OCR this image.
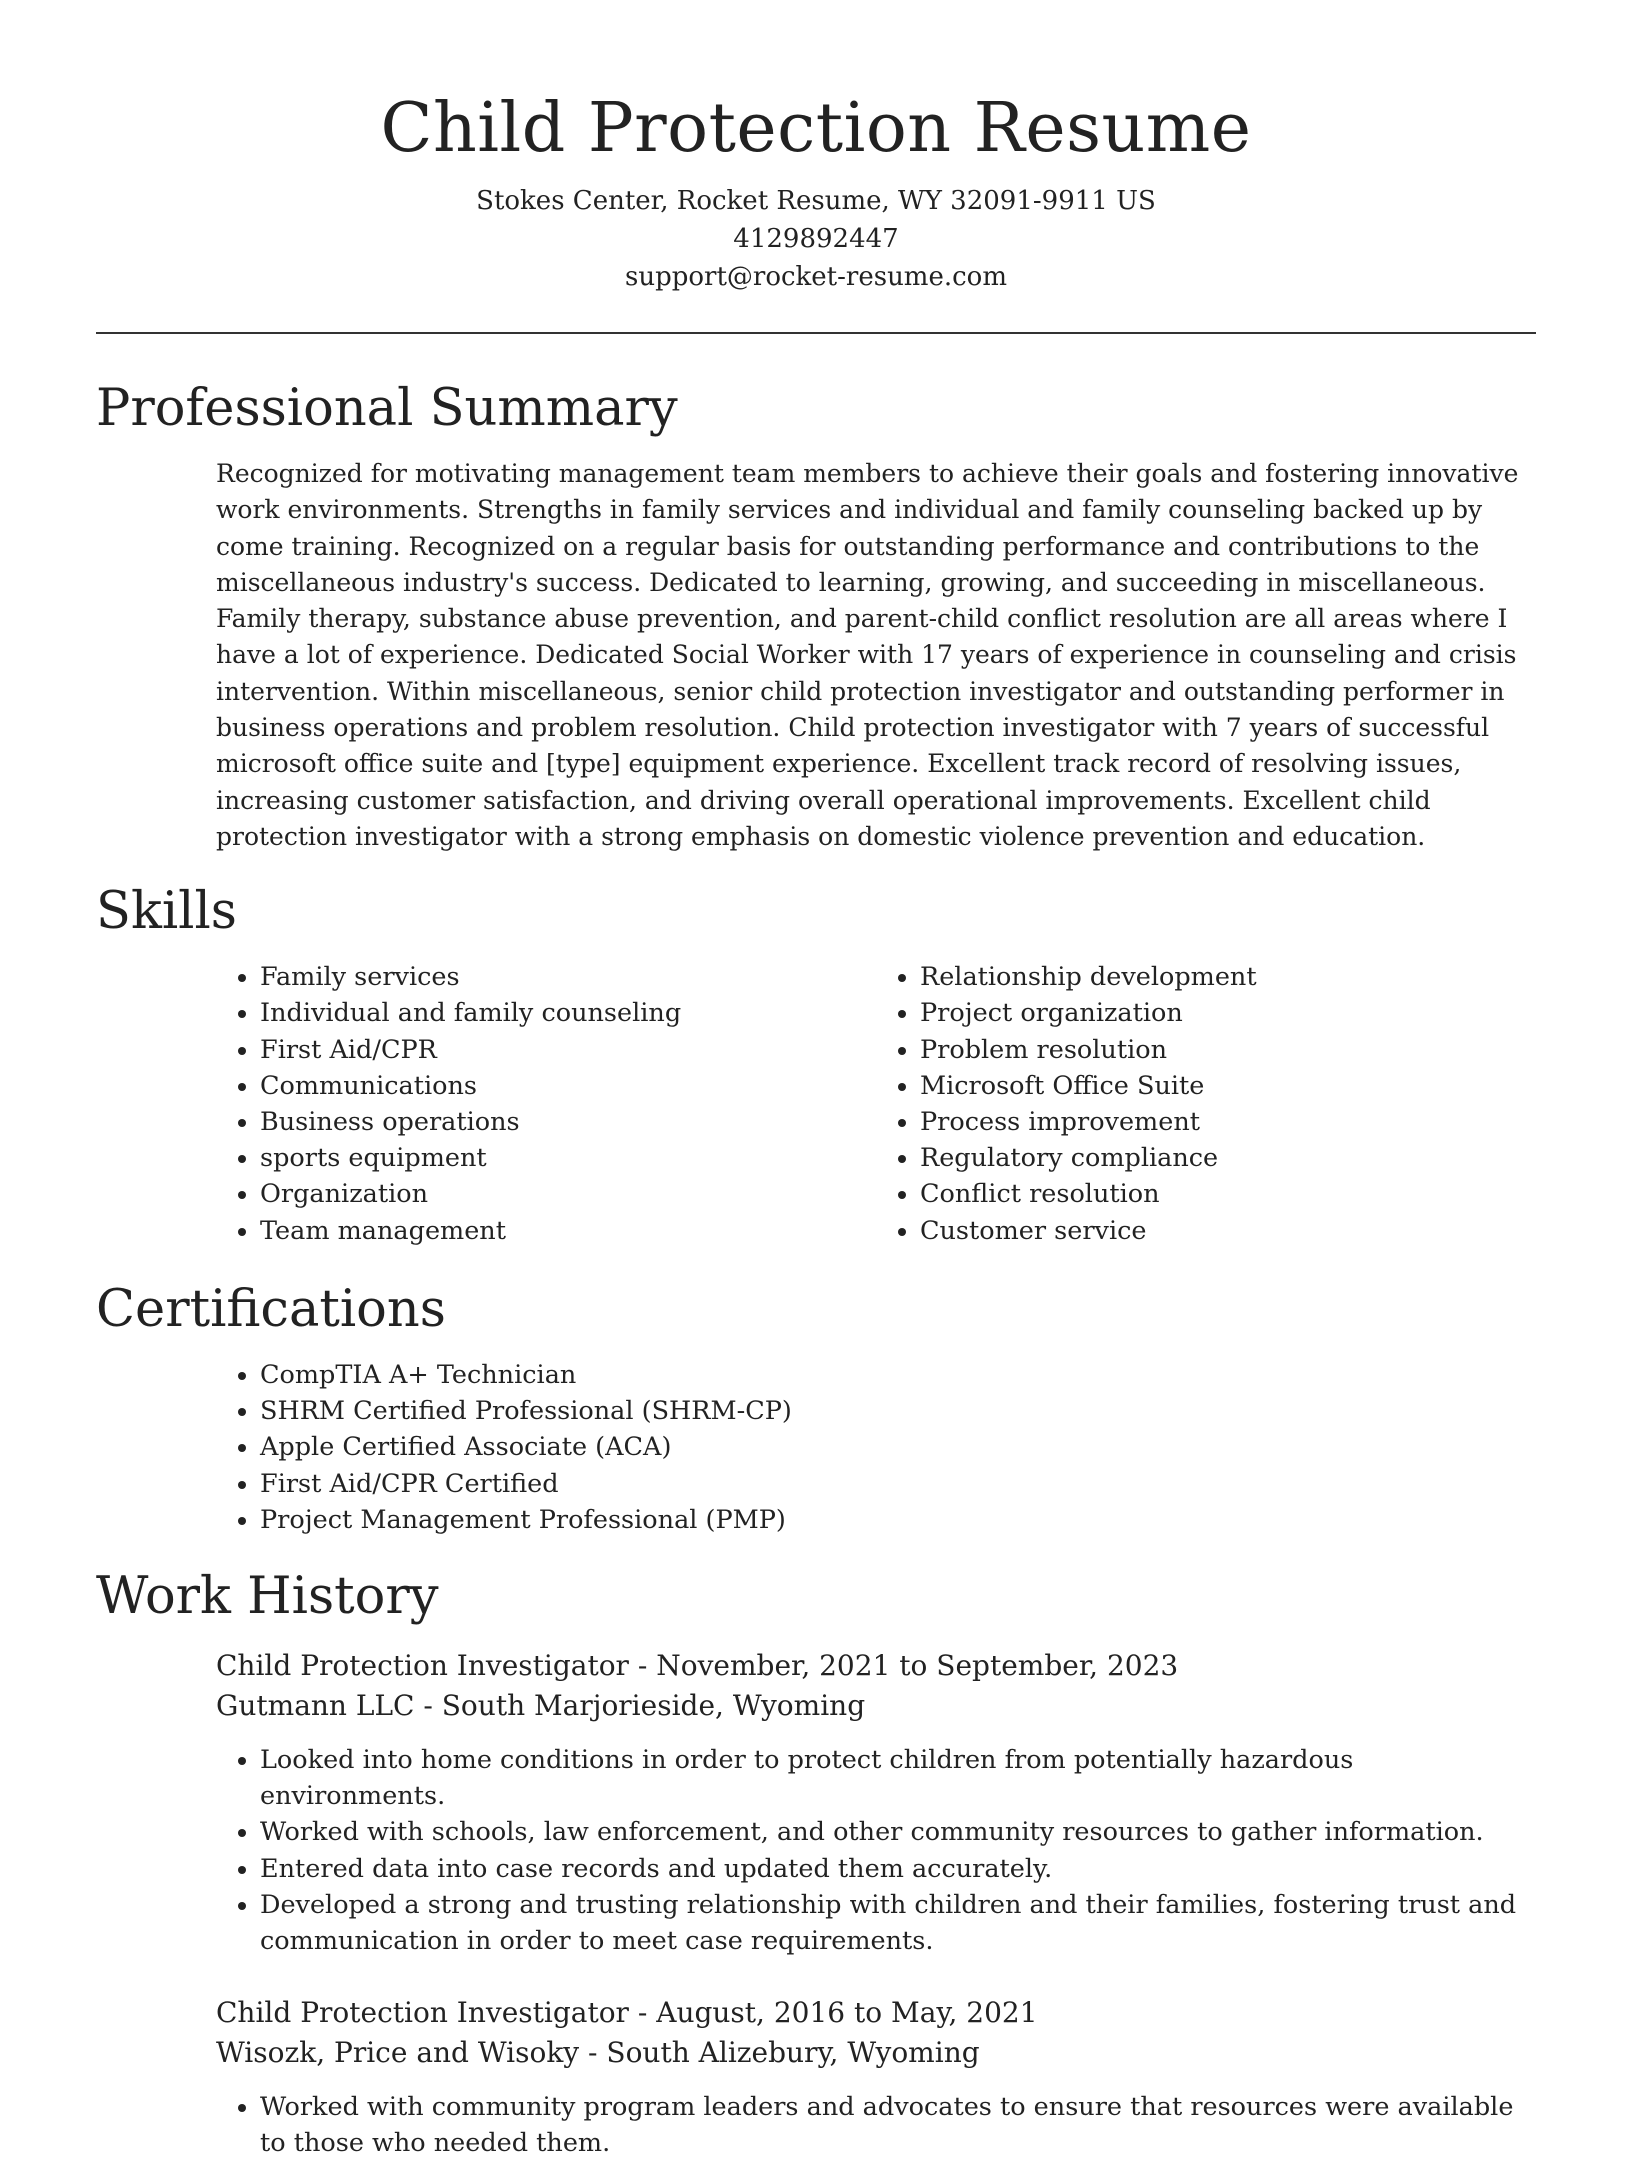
Child Protection Resume

Stokes Center, Rocket Resume, WY 32091-9911 US

4129892447

support@rocket-resume.com

Professional Summary

Recognized for motivating management team members to achieve their goals and fostering innovative work environments. Strengths in family services and individual and family counseling backed up by come training. Recognized on a regular basis for outstanding performance and contributions to the miscellaneous industry's success. Dedicated to learning, growing, and succeeding in miscellaneous. Family therapy, substance abuse prevention, and parent-child conflict resolution are all areas where I have a lot of experience. Dedicated Social Worker with 17 years of experience in counseling and crisis intervention. Within miscellaneous, senior child protection investigator and outstanding performer in business operations and problem resolution. Child protection investigator with 7 years of successful microsoft office suite and [type] equipment experience. Excellent track record of resolving issues, increasing customer satisfaction, and driving overall operational improvements. Excellent child protection investigator with a strong emphasis on domestic violence prevention and education.

Skills
• Family services
• Individual and family counseling
• First Aid/CPR
• Communications
• Business operations
• sports equipment
• Organization
• Team management
• Relationship development
• Project organization
• Problem resolution
• Microsoft Office Suite
• Process improvement
• Regulatory compliance
• Conflict resolution
• Customer service
Certifications
• CompTIA A+ Technician
• SHRM Certified Professional (SHRM-CP)
• Apple Certified Associate (ACA)
• First Aid/CPR Certified
• Project Management Professional (PMP)
Work History

Child Protection Investigator - November, 2021 to September, 2023

Gutmann LLC - South Marjorieside, Wyoming

• Looked into home conditions in order to protect children from potentially hazardous environments.
• Worked with schools, law enforcement, and other community resources to gather information.
• Entered data into case records and updated them accurately.
• Developed a strong and trusting relationship with children and their families, fostering trust and communication in order to meet case requirements.

Child Protection Investigator - August, 2016 to May, 2021

Wisozk, Price and Wisoky - South Alizebury, Wyoming

• Worked with community program leaders and advocates to ensure that resources were available to those who needed them.
